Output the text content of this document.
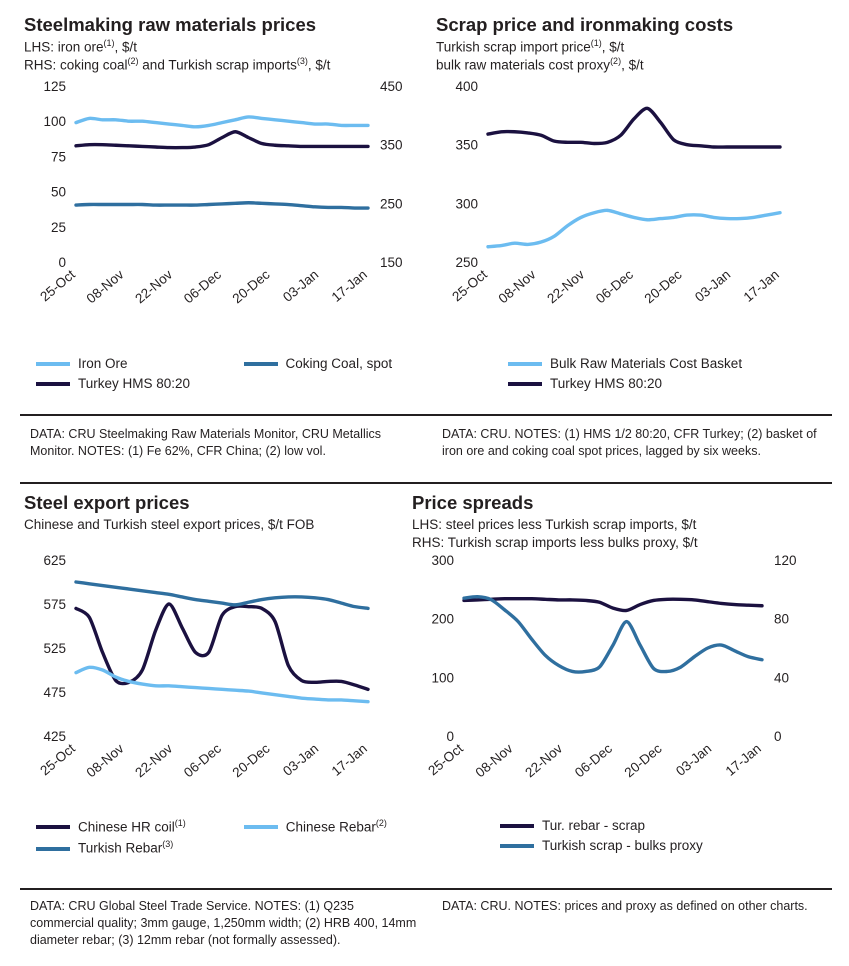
Steelmaking raw materials prices
LHS: iron ore$^{(1)}$, $/t
RHS: coking coal$^{(2)}$ and Turkish scrap imports$^{(3)}$, $/t
0
25
50
75
100
125
150
250
350
450
25-Oct 08-Nov 22-Nov 06-Dec 20-Dec 03-Jan 17-Jan
Iron Ore	Coking Coal, spot
Turkey HMS 80:20
Scrap price and ironmaking costs
Turkish scrap import price$^{(1)}$, $/t
bulk raw materials cost proxy$^{(2)}$, $/t
250
300
350
400
25-Oct 08-Nov 22-Nov 06-Dec 20-Dec 03-Jan 17-Jan
Bulk Raw Materials Cost Basket
Turkey HMS 80:20
DATA: CRU Steelmaking Raw Materials Monitor, CRU Metallics Monitor. NOTES: (1) Fe 62%, CFR China; (2) low vol.
DATA: CRU. NOTES: (1) HMS 1/2 80:20, CFR Turkey; (2) basket of iron ore and coking coal spot prices, lagged by six weeks.
Steel export prices
Chinese and Turkish steel export prices, $/t FOB
425
475
525
575
625
25-Oct 08-Nov 22-Nov 06-Dec 20-Dec 03-Jan 17-Jan
Chinese HR coil$^{(1)}$	Chinese Rebar$^{(2)}$
Turkish Rebar$^{(3)}$
Price spreads
LHS: steel prices less Turkish scrap imports, $/t
RHS: Turkish scrap imports less bulks proxy, $/t
0
100
200
300
0
40
80
120
25-Oct 08-Nov 22-Nov 06-Dec 20-Dec 03-Jan 17-Jan
Tur. rebar - scrap
Turkish scrap - bulks proxy
DATA: CRU Global Steel Trade Service. NOTES: (1) Q235 commercial quality; 3mm gauge, 1,250mm width; (2) HRB 400, 14mm diameter rebar; (3) 12mm rebar (not formally assessed).
DATA: CRU. NOTES: prices and proxy as defined on other charts.
